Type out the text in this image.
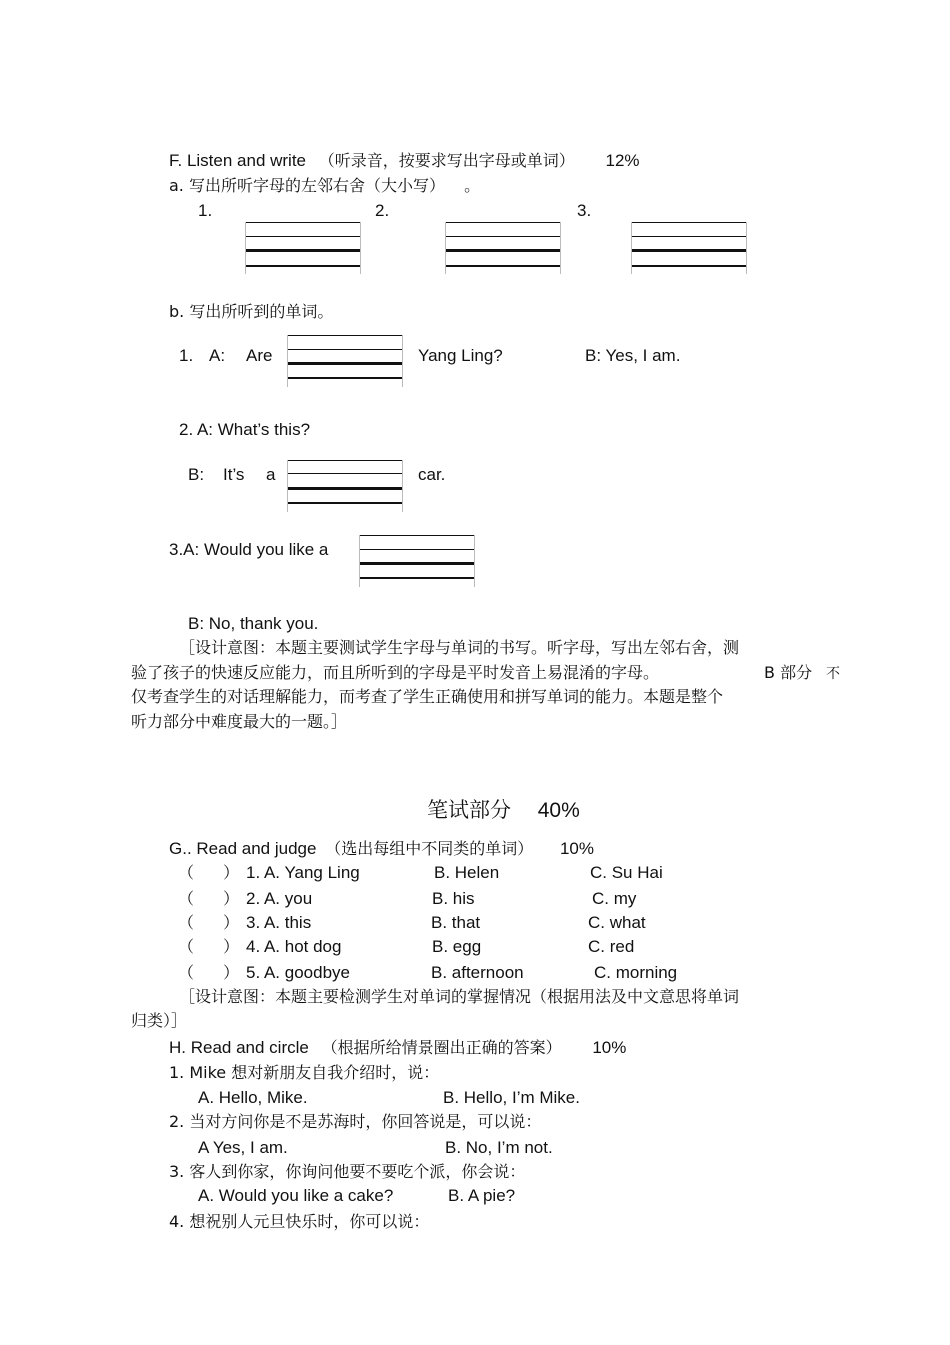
F. Listen and write （听录音，按要求写出字母或单词） 12%
a. 写出所听字母的左邻右舍（大小写） 。
1.	2.	3.
b. 写出所听到的单词。
1. A: Are	Yang Ling?	B: Yes, I am.
2. A: What’s this?
B: It’s a	car.
3.A: Would you like a
B: No, thank you.
［设计意图：本题主要测试学生字母与单词的书写。听字母，写出左邻右舍，测
验了孩子的快速反应能力，而且所听到的字母是平时发音上易混淆的字母。	B 部分 不
仅考查学生的对话理解能力，而考查了学生正确使用和拼写单词的能力。本题是整个
听力部分中难度最大的一题。］
笔试部分 40%
G.. Read and judge （选出每组中不同类的单词） 10%
（ ） 1. A. Yang Ling	B. Helen	C. Su Hai
（ ） 2. A. you	B. his	C. my
（ ） 3. A. this	B. that	C. what
（ ） 4. A. hot dog	B. egg	C. red
（ ） 5. A. goodbye	B. afternoon	C. morning
［设计意图：本题主要检测学生对单词的掌握情况（根据用法及中文意思将单词
归类）］
H. Read and circle （根据所给情景圈出正确的答案） 10%
1. Mike 想对新朋友自我介绍时，说：
A. Hello, Mike.	B. Hello, I’m Mike.
2. 当对方问你是不是苏海时，你回答说是，可以说：
A Yes, I am.	B. No, I’m not.
3. 客人到你家，你询问他要不要吃个派，你会说：
A. Would you like a cake?	B. A pie?
4. 想祝别人元旦快乐时，你可以说：
